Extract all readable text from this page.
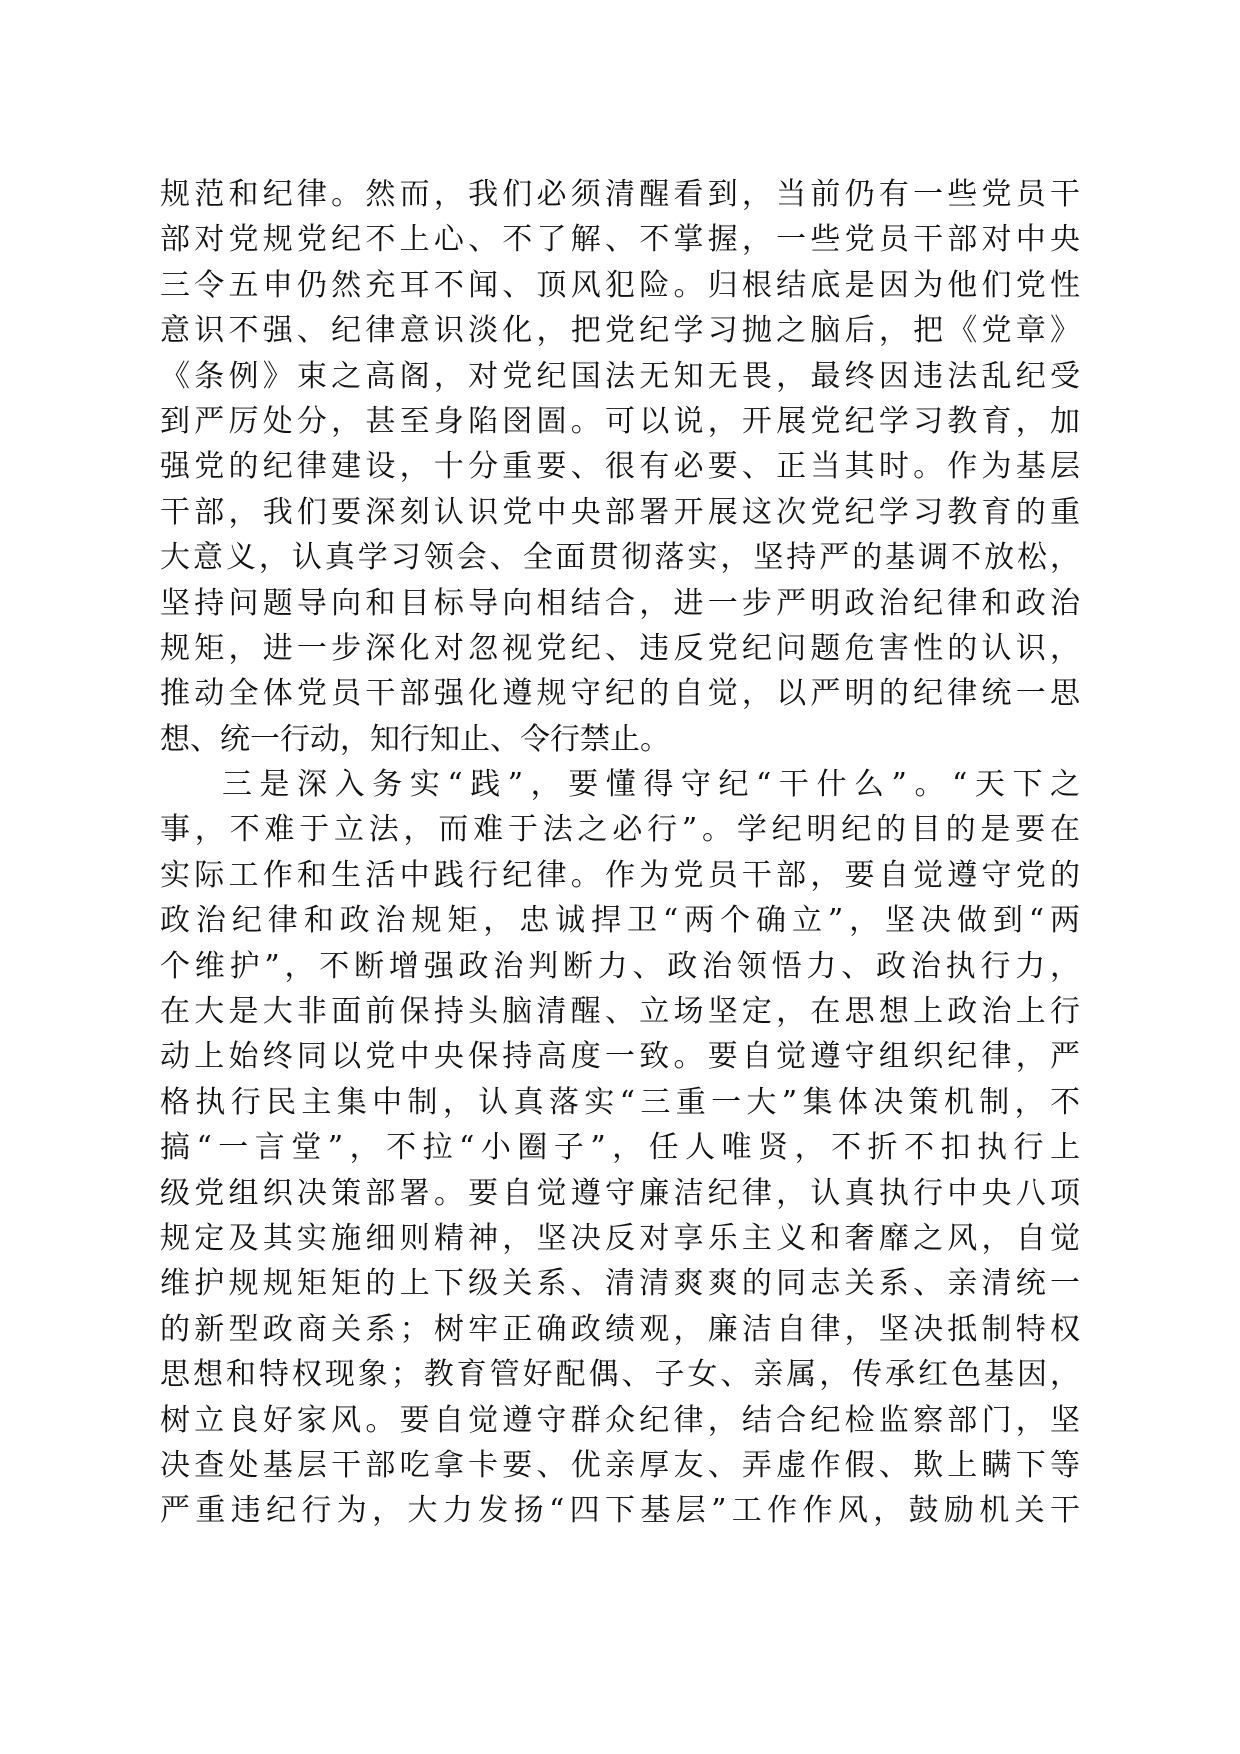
规范和纪律。然而，我们必须清醒看到，当前仍有一些党员干
部对党规党纪不上心、不了解、不掌握，一些党员干部对中央
三令五申仍然充耳不闻、顶风犯险。归根结底是因为他们党性
意识不强、纪律意识淡化，把党纪学习抛之脑后，把《党章》
《条例》束之高阁，对党纪国法无知无畏，最终因违法乱纪受
到严厉处分，甚至身陷囹圄。可以说，开展党纪学习教育，加
强党的纪律建设，十分重要、很有必要、正当其时。作为基层
干部，我们要深刻认识党中央部署开展这次党纪学习教育的重
大意义，认真学习领会、全面贯彻落实，坚持严的基调不放松，
坚持问题导向和目标导向相结合，进一步严明政治纪律和政治
规矩，进一步深化对忽视党纪、违反党纪问题危害性的认识，
推动全体党员干部强化遵规守纪的自觉，以严明的纪律统一思
想、统一行动，知行知止、令行禁止。
三是深入务实“践”，要懂得守纪“干什么”。“天下之
事，不难于立法，而难于法之必行”。学纪明纪的目的是要在
实际工作和生活中践行纪律。作为党员干部，要自觉遵守党的
政治纪律和政治规矩，忠诚捍卫“两个确立”，坚决做到“两
个维护”，不断增强政治判断力、政治领悟力、政治执行力，
在大是大非面前保持头脑清醒、立场坚定，在思想上政治上行
动上始终同以党中央保持高度一致。要自觉遵守组织纪律，严
格执行民主集中制，认真落实“三重一大”集体决策机制，不
搞“一言堂”，不拉“小圈子”，任人唯贤，不折不扣执行上
级党组织决策部署。要自觉遵守廉洁纪律，认真执行中央八项
规定及其实施细则精神，坚决反对享乐主义和奢靡之风，自觉
维护规规矩矩的上下级关系、清清爽爽的同志关系、亲清统一
的新型政商关系；树牢正确政绩观，廉洁自律，坚决抵制特权
思想和特权现象；教育管好配偶、子女、亲属，传承红色基因，
树立良好家风。要自觉遵守群众纪律，结合纪检监察部门，坚
决查处基层干部吃拿卡要、优亲厚友、弄虚作假、欺上瞒下等
严重违纪行为，大力发扬“四下基层”工作作风，鼓励机关干
